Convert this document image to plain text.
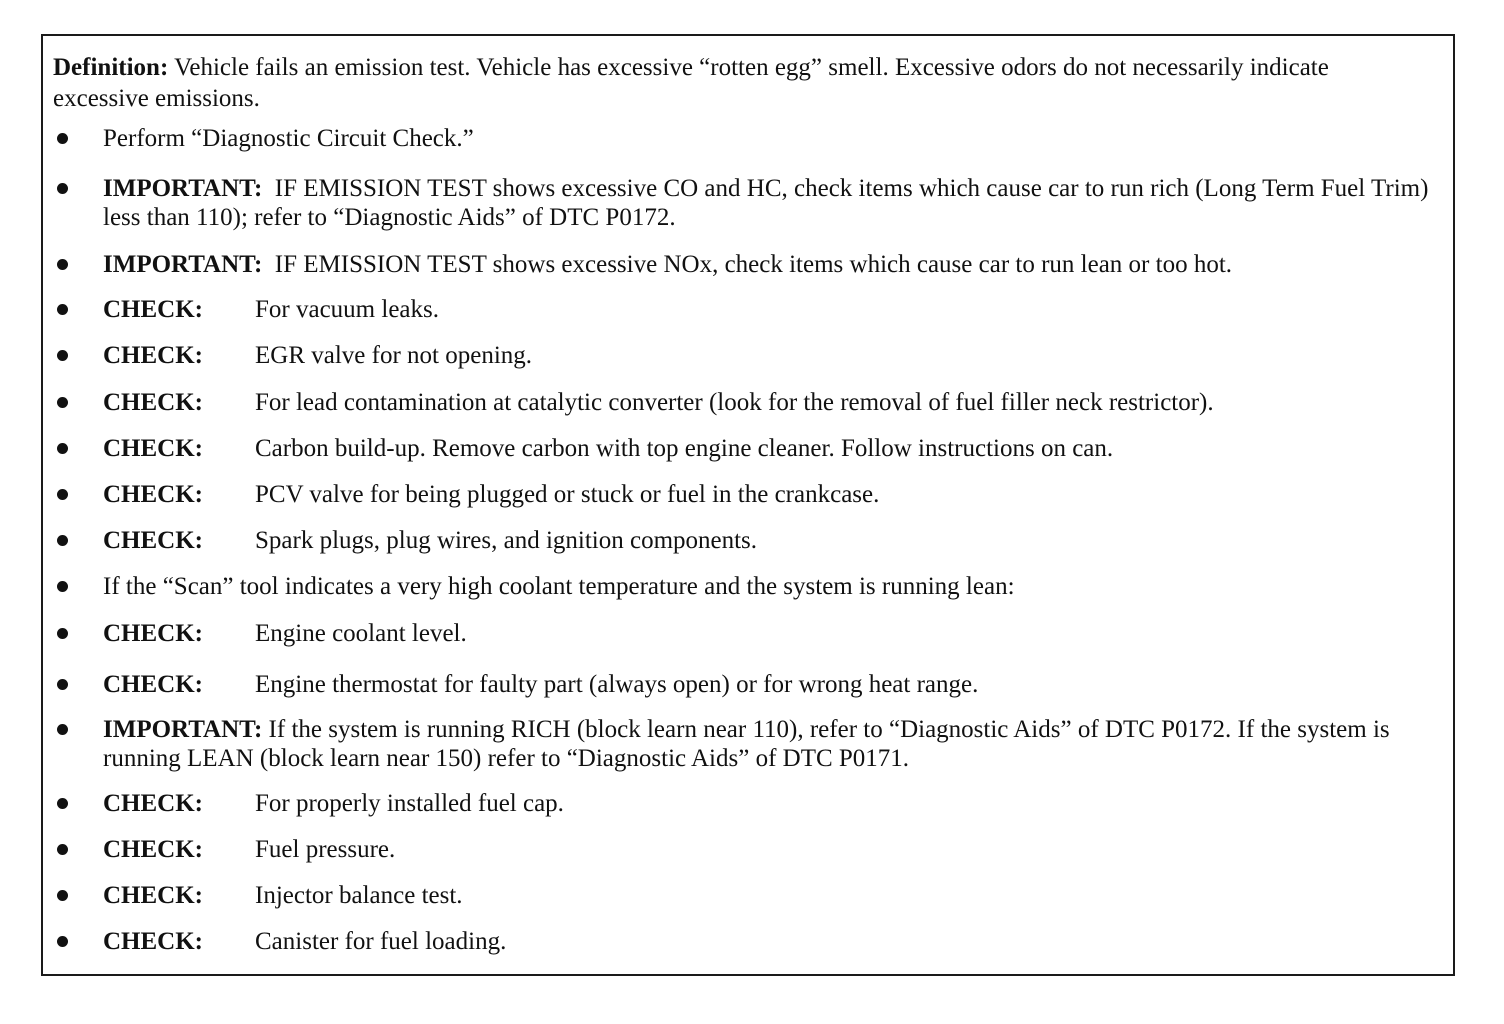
Definition: Vehicle fails an emission test. Vehicle has excessive “rotten egg” smell. Excessive odors do not necessarily indicate excessive emissions.

Perform “Diagnostic Circuit Check.”
IMPORTANT: IF EMISSION TEST shows excessive CO and HC, check items which cause car to run rich (Long Term Fuel Trim) less than 110); refer to “Diagnostic Aids” of DTC P0172.
IMPORTANT: IF EMISSION TEST shows excessive NOx, check items which cause car to run lean or too hot.
CHECK: For vacuum leaks.
CHECK: EGR valve for not opening.
CHECK: For lead contamination at catalytic converter (look for the removal of fuel filler neck restrictor).
CHECK: Carbon build-up. Remove carbon with top engine cleaner. Follow instructions on can.
CHECK: PCV valve for being plugged or stuck or fuel in the crankcase.
CHECK: Spark plugs, plug wires, and ignition components.
If the “Scan” tool indicates a very high coolant temperature and the system is running lean:
CHECK: Engine coolant level.
CHECK: Engine thermostat for faulty part (always open) or for wrong heat range.
IMPORTANT: If the system is running RICH (block learn near 110), refer to “Diagnostic Aids” of DTC P0172. If the system is running LEAN (block learn near 150) refer to “Diagnostic Aids” of DTC P0171.
CHECK: For properly installed fuel cap.
CHECK: Fuel pressure.
CHECK: Injector balance test.
CHECK: Canister for fuel loading.
